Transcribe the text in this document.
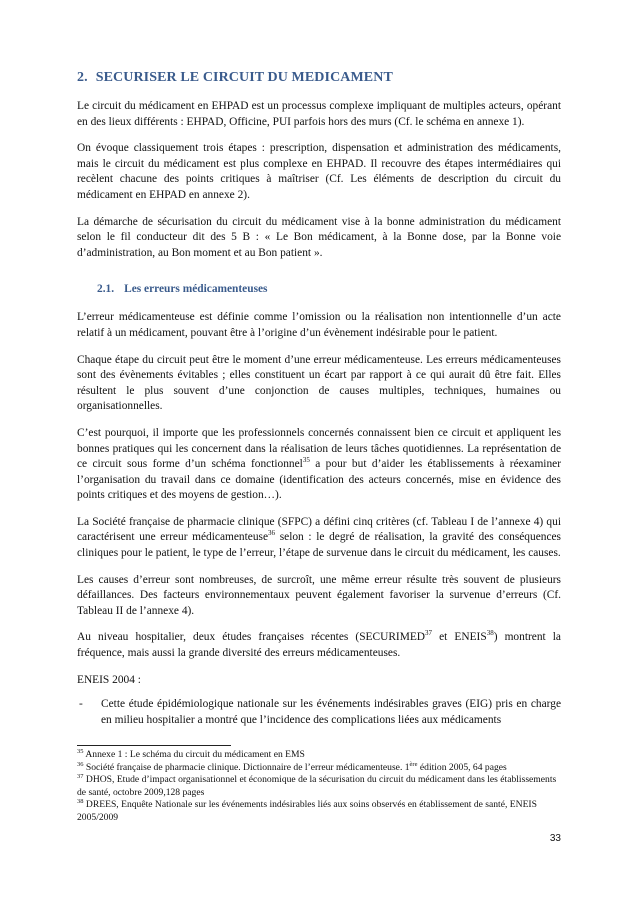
2. SECURISER LE CIRCUIT DU MEDICAMENT

Le circuit du médicament en EHPAD est un processus complexe impliquant de multiples acteurs, opérant en des lieux différents : EHPAD, Officine, PUI parfois hors des murs (Cf. le schéma en annexe 1).

On évoque classiquement trois étapes : prescription, dispensation et administration des médicaments, mais le circuit du médicament est plus complexe en EHPAD. Il recouvre des étapes intermédiaires qui recèlent chacune des points critiques à maîtriser (Cf. Les éléments de description du circuit du médicament en EHPAD en annexe 2).

La démarche de sécurisation du circuit du médicament vise à la bonne administration du médicament selon le fil conducteur dit des 5 B : « Le Bon médicament, à la Bonne dose, par la Bonne voie d’administration, au Bon moment et au Bon patient ».

2.1. Les erreurs médicamenteuses

L’erreur médicamenteuse est définie comme l’omission ou la réalisation non intentionnelle d’un acte relatif à un médicament, pouvant être à l’origine d’un évènement indésirable pour le patient.

Chaque étape du circuit peut être le moment d’une erreur médicamenteuse. Les erreurs médicamenteuses sont des évènements évitables ; elles constituent un écart par rapport à ce qui aurait dû être fait. Elles résultent le plus souvent d’une conjonction de causes multiples, techniques, humaines ou organisationnelles.

C’est pourquoi, il importe que les professionnels concernés connaissent bien ce circuit et appliquent les bonnes pratiques qui les concernent dans la réalisation de leurs tâches quotidiennes. La représentation de ce circuit sous forme d’un schéma fonctionnel$^{35}$ a pour but d’aider les établissements à réexaminer l’organisation du travail dans ce domaine (identification des acteurs concernés, mise en évidence des points critiques et des moyens de gestion…).

La Société française de pharmacie clinique (SFPC) a défini cinq critères (cf. Tableau I de l’annexe 4) qui caractérisent une erreur médicamenteuse$^{36}$ selon : le degré de réalisation, la gravité des conséquences cliniques pour le patient, le type de l’erreur, l’étape de survenue dans le circuit du médicament, les causes.

Les causes d’erreur sont nombreuses, de surcroît, une même erreur résulte très souvent de plusieurs défaillances. Des facteurs environnementaux peuvent également favoriser la survenue d’erreurs (Cf. Tableau II de l’annexe 4).

Au niveau hospitalier, deux études françaises récentes (SECURIMED$^{37}$ et ENEIS$^{38}$) montrent la fréquence, mais aussi la grande diversité des erreurs médicamenteuses.

ENEIS 2004 :

-	Cette étude épidémiologique nationale sur les événements indésirables graves (EIG) pris en charge en milieu hospitalier a montré que l’incidence des complications liées aux médicaments

$^{35}$ Annexe 1 : Le schéma du circuit du médicament en EMS

$^{36}$ Société française de pharmacie clinique. Dictionnaire de l’erreur médicamenteuse. 1ère édition 2005, 64 pages

$^{37}$ DHOS, Etude d’impact organisationnel et économique de la sécurisation du circuit du médicament dans les établissements de santé, octobre 2009,128 pages

$^{38}$ DREES, Enquête Nationale sur les événements indésirables liés aux soins observés en établissement de santé, ENEIS 2005/2009

33
